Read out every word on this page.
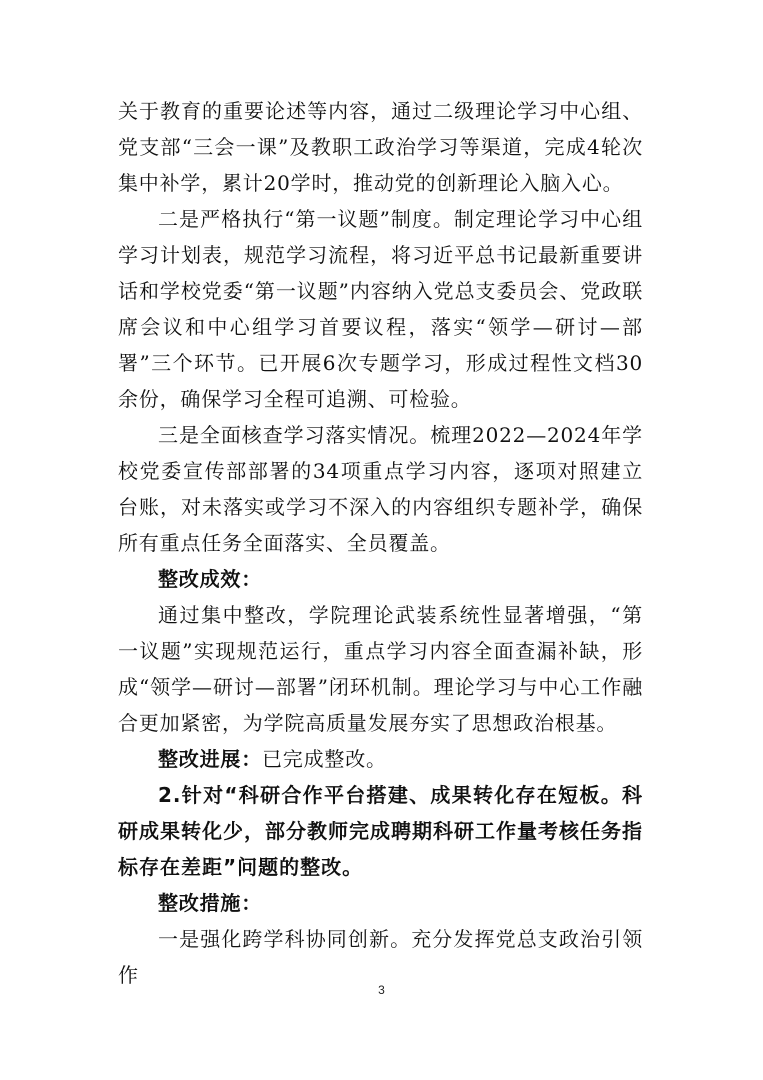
关于教育的重要论述等内容，通过二级理论学习中心组、党支部“三会一课”及教职工政治学习等渠道，完成4轮次集中补学，累计20学时，推动党的创新理论入脑入心。

二是严格执行“第一议题”制度。制定理论学习中心组学习计划表，规范学习流程，将习近平总书记最新重要讲话和学校党委“第一议题”内容纳入党总支委员会、党政联席会议和中心组学习首要议程，落实“领学—研讨—部署”三个环节。已开展6次专题学习，形成过程性文档30余份，确保学习全程可追溯、可检验。

三是全面核查学习落实情况。梳理2022—2024年学校党委宣传部部署的34项重点学习内容，逐项对照建立台账，对未落实或学习不深入的内容组织专题补学，确保所有重点任务全面落实、全员覆盖。

整改成效：

通过集中整改，学院理论武装系统性显著增强，“第一议题”实现规范运行，重点学习内容全面查漏补缺，形成“领学—研讨—部署”闭环机制。理论学习与中心工作融合更加紧密，为学院高质量发展夯实了思想政治根基。

整改进展：已完成整改。

2.针对“科研合作平台搭建、成果转化存在短板。科研成果转化少，部分教师完成聘期科研工作量考核任务指标存在差距”问题的整改。

整改措施：

一是强化跨学科协同创新。充分发挥党总支政治引领作

3
